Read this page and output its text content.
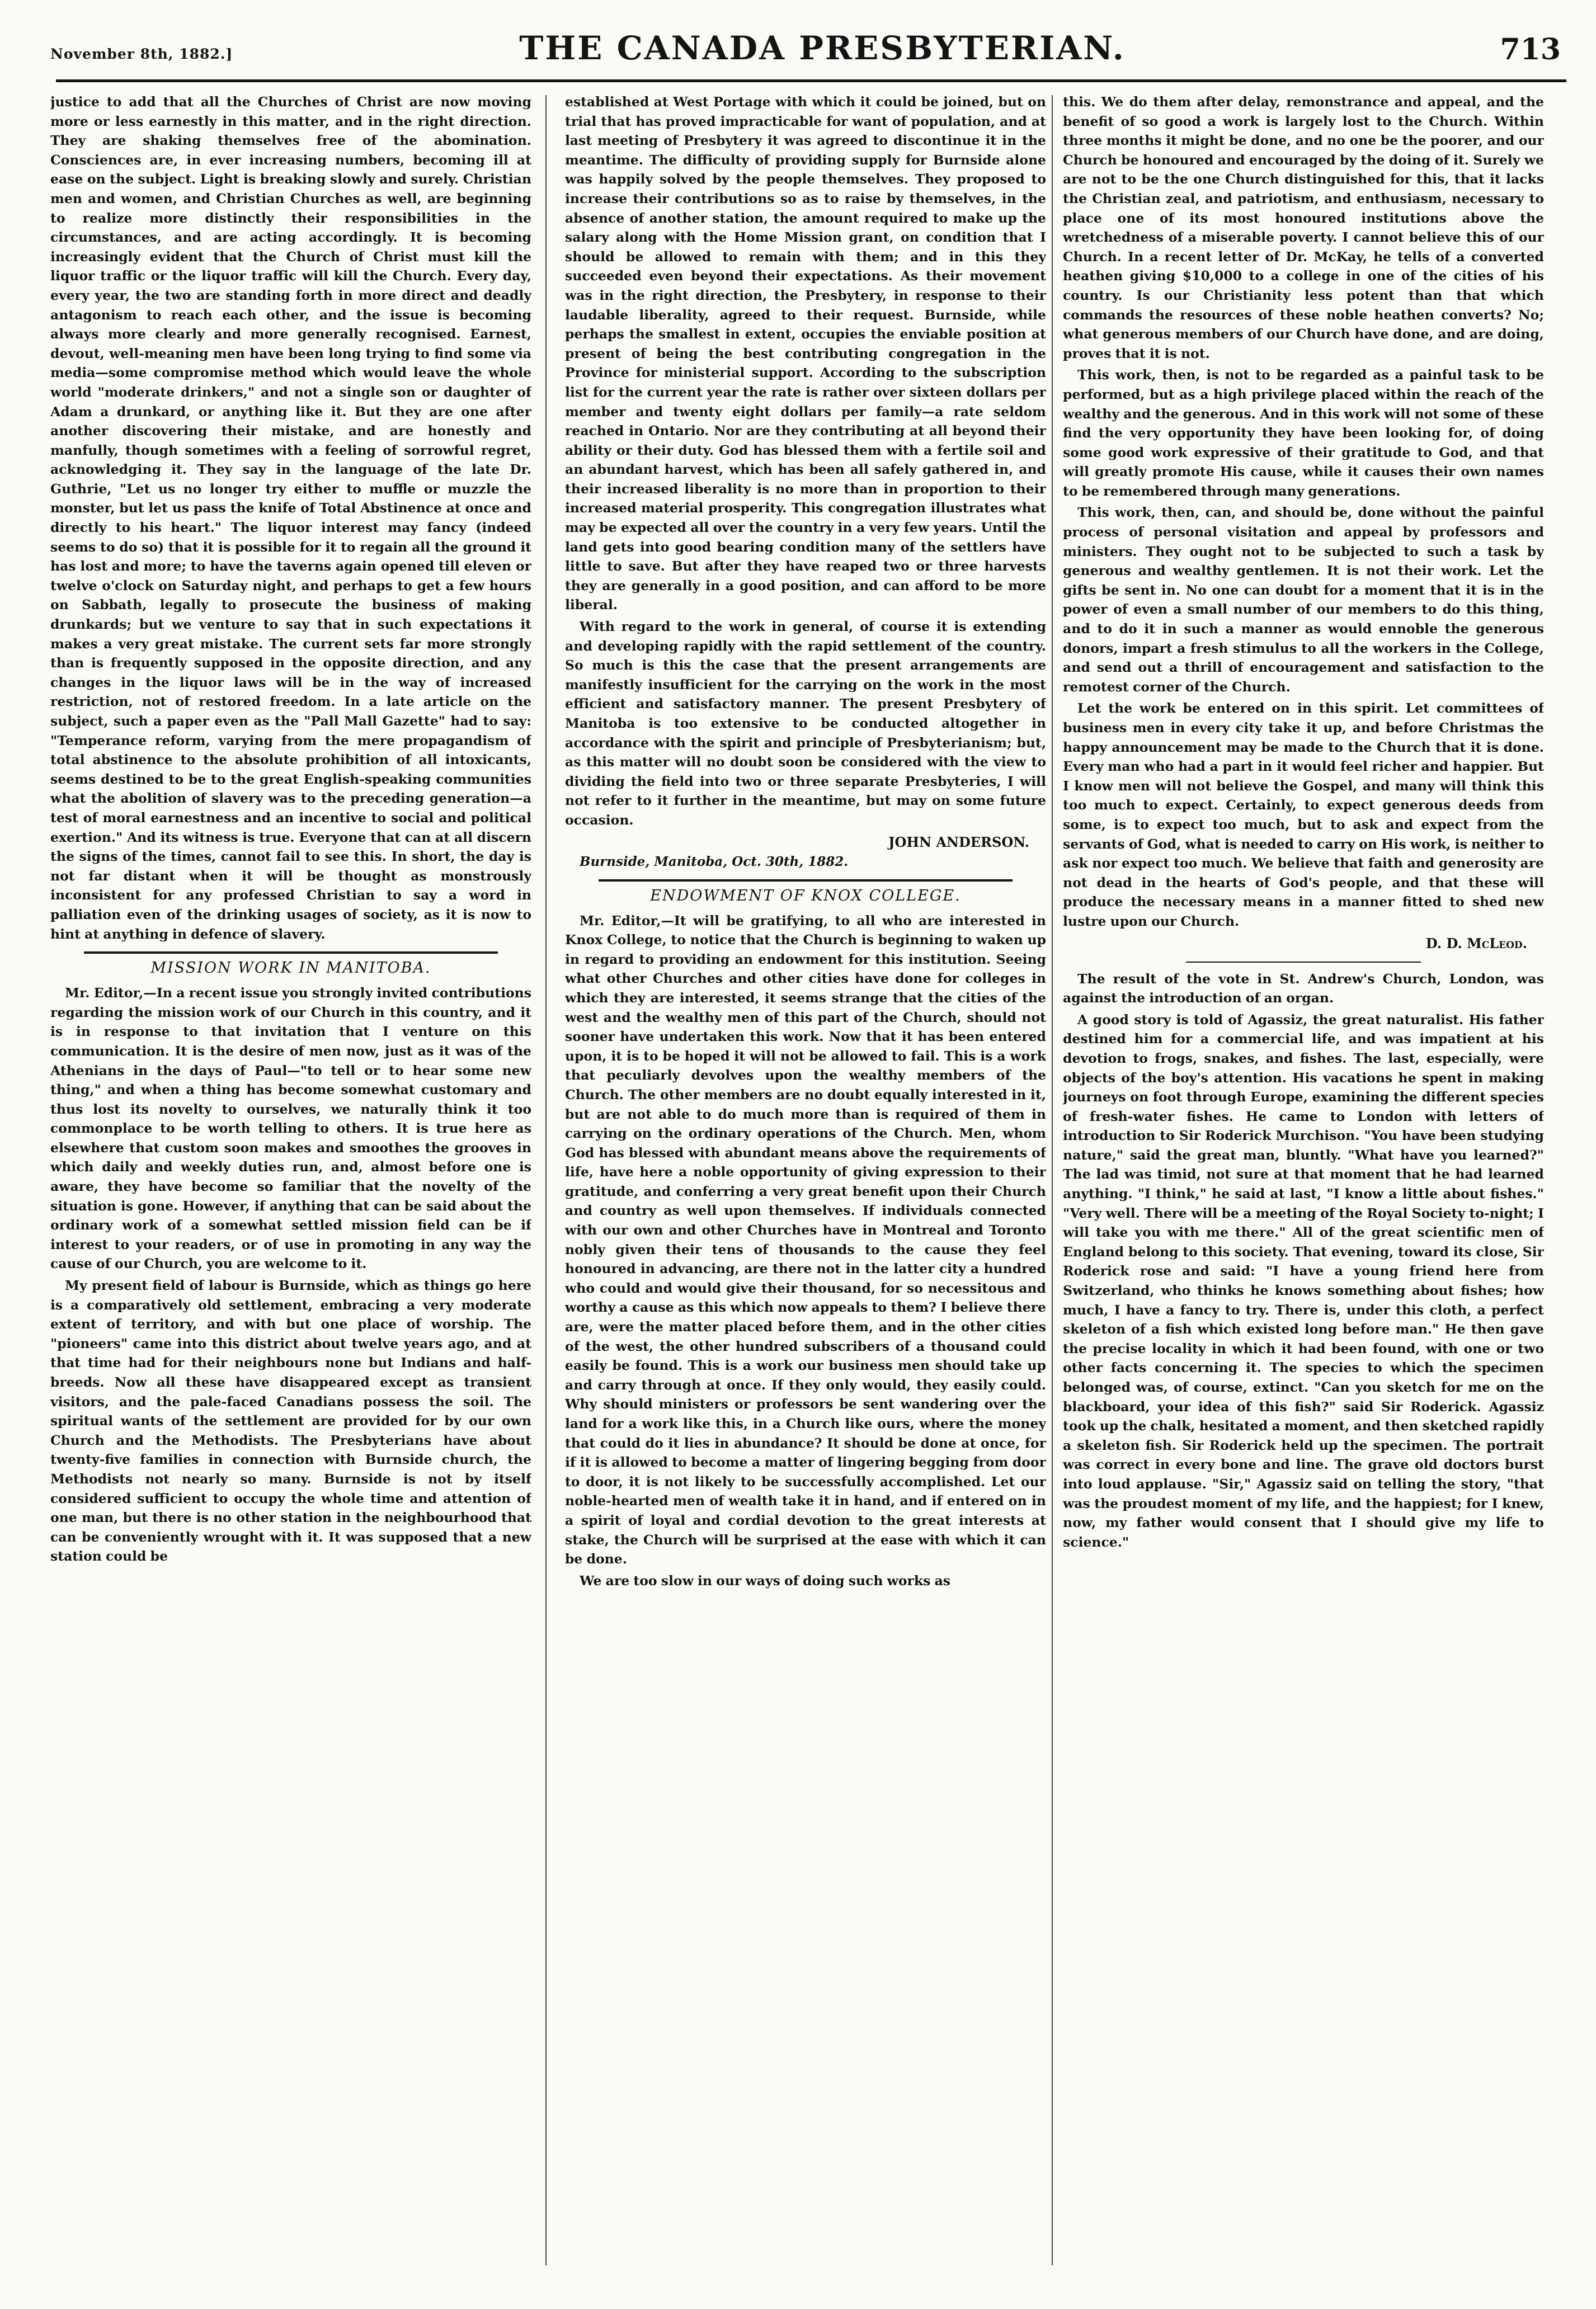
November 8th, 1882.]	THE CANADA PRESBYTERIAN.	713

justice to add that all the Churches of Christ are now moving more or less earnestly in this matter, and in the right direction. They are shaking themselves free of the abomination. Consciences are, in ever increasing numbers, becoming ill at ease on the subject. Light is breaking slowly and surely. Christian men and women, and Christian Churches as well, are beginning to realize more distinctly their responsibilities in the circumstances, and are acting accordingly. It is becoming increasingly evident that the Church of Christ must kill the liquor traffic or the liquor traffic will kill the Church. Every day, every year, the two are standing forth in more direct and deadly antagonism to reach each other, and the issue is becoming always more clearly and more generally recognised. Earnest, devout, well-meaning men have been long trying to find some via media—some compromise method which would leave the whole world "moderate drinkers," and not a single son or daughter of Adam a drunkard, or anything like it. But they are one after another discovering their mistake, and are honestly and manfully, though sometimes with a feeling of sorrowful regret, acknowledging it. They say in the language of the late Dr. Guthrie, "Let us no longer try either to muffle or muzzle the monster, but let us pass the knife of Total Abstinence at once and directly to his heart." The liquor interest may fancy (indeed seems to do so) that it is possible for it to regain all the ground it has lost and more; to have the taverns again opened till eleven or twelve o'clock on Saturday night, and perhaps to get a few hours on Sabbath, legally to prosecute the business of making drunkards; but we venture to say that in such expectations it makes a very great mistake. The current sets far more strongly than is frequently supposed in the opposite direction, and any changes in the liquor laws will be in the way of increased restriction, not of restored freedom. In a late article on the subject, such a paper even as the "Pall Mall Gazette" had to say: "Temperance reform, varying from the mere propagandism of total abstinence to the absolute prohibition of all intoxicants, seems destined to be to the great English-speaking communities what the abolition of slavery was to the preceding generation—a test of moral earnestness and an incentive to social and political exertion." And its witness is true. Everyone that can at all discern the signs of the times, cannot fail to see this. In short, the day is not far distant when it will be thought as monstrously inconsistent for any professed Christian to say a word in palliation even of the drinking usages of society, as it is now to hint at anything in defence of slavery.

MISSION WORK IN MANITOBA.

Mr. Editor,—In a recent issue you strongly invited contributions regarding the mission work of our Church in this country, and it is in response to that invitation that I venture on this communication. It is the desire of men now, just as it was of the Athenians in the days of Paul—"to tell or to hear some new thing," and when a thing has become somewhat customary and thus lost its novelty to ourselves, we naturally think it too commonplace to be worth telling to others. It is true here as elsewhere that custom soon makes and smoothes the grooves in which daily and weekly duties run, and, almost before one is aware, they have become so familiar that the novelty of the situation is gone. However, if anything that can be said about the ordinary work of a somewhat settled mission field can be if interest to your readers, or of use in promoting in any way the cause of our Church, you are welcome to it.

My present field of labour is Burnside, which as things go here is a comparatively old settlement, embracing a very moderate extent of territory, and with but one place of worship. The "pioneers" came into this district about twelve years ago, and at that time had for their neighbours none but Indians and half-breeds. Now all these have disappeared except as transient visitors, and the pale-faced Canadians possess the soil. The spiritual wants of the settlement are provided for by our own Church and the Methodists. The Presbyterians have about twenty-five families in connection with Burnside church, the Methodists not nearly so many. Burnside is not by itself considered sufficient to occupy the whole time and attention of one man, but there is no other station in the neighbourhood that can be conveniently wrought with it. It was supposed that a new station could be

established at West Portage with which it could be joined, but on trial that has proved impracticable for want of population, and at last meeting of Presbytery it was agreed to discontinue it in the meantime. The difficulty of providing supply for Burnside alone was happily solved by the people themselves. They proposed to increase their contributions so as to raise by themselves, in the absence of another station, the amount required to make up the salary along with the Home Mission grant, on condition that I should be allowed to remain with them; and in this they succeeded even beyond their expectations. As their movement was in the right direction, the Presbytery, in response to their laudable liberality, agreed to their request. Burnside, while perhaps the smallest in extent, occupies the enviable position at present of being the best contributing congregation in the Province for ministerial support. According to the subscription list for the current year the rate is rather over sixteen dollars per member and twenty eight dollars per family—a rate seldom reached in Ontario. Nor are they contributing at all beyond their ability or their duty. God has blessed them with a fertile soil and an abundant harvest, which has been all safely gathered in, and their increased liberality is no more than in proportion to their increased material prosperity. This congregation illustrates what may be expected all over the country in a very few years. Until the land gets into good bearing condition many of the settlers have little to save. But after they have reaped two or three harvests they are generally in a good position, and can afford to be more liberal.

With regard to the work in general, of course it is extending and developing rapidly with the rapid settlement of the country. So much is this the case that the present arrangements are manifestly insufficient for the carrying on the work in the most efficient and satisfactory manner. The present Presbytery of Manitoba is too extensive to be conducted altogether in accordance with the spirit and principle of Presbyterianism; but, as this matter will no doubt soon be considered with the view to dividing the field into two or three separate Presbyteries, I will not refer to it further in the meantime, but may on some future occasion.

JOHN ANDERSON.
Burnside, Manitoba, Oct. 30th, 1882.
ENDOWMENT OF KNOX COLLEGE.

Mr. Editor,—It will be gratifying, to all who are interested in Knox College, to notice that the Church is beginning to waken up in regard to providing an endowment for this institution. Seeing what other Churches and other cities have done for colleges in which they are interested, it seems strange that the cities of the west and the wealthy men of this part of the Church, should not sooner have undertaken this work. Now that it has been entered upon, it is to be hoped it will not be allowed to fail. This is a work that peculiarly devolves upon the wealthy members of the Church. The other members are no doubt equally interested in it, but are not able to do much more than is required of them in carrying on the ordinary operations of the Church. Men, whom God has blessed with abundant means above the requirements of life, have here a noble opportunity of giving expression to their gratitude, and conferring a very great benefit upon their Church and country as well upon themselves. If individuals connected with our own and other Churches have in Montreal and Toronto nobly given their tens of thousands to the cause they feel honoured in advancing, are there not in the latter city a hundred who could and would give their thousand, for so necessitous and worthy a cause as this which now appeals to them? I believe there are, were the matter placed before them, and in the other cities of the west, the other hundred subscribers of a thousand could easily be found. This is a work our business men should take up and carry through at once. If they only would, they easily could. Why should ministers or professors be sent wandering over the land for a work like this, in a Church like ours, where the money that could do it lies in abundance? It should be done at once, for if it is allowed to become a matter of lingering begging from door to door, it is not likely to be successfully accomplished. Let our noble-hearted men of wealth take it in hand, and if entered on in a spirit of loyal and cordial devotion to the great interests at stake, the Church will be surprised at the ease with which it can be done.

We are too slow in our ways of doing such works as

this. We do them after delay, remonstrance and appeal, and the benefit of so good a work is largely lost to the Church. Within three months it might be done, and no one be the poorer, and our Church be honoured and encouraged by the doing of it. Surely we are not to be the one Church distinguished for this, that it lacks the Christian zeal, and patriotism, and enthusiasm, necessary to place one of its most honoured institutions above the wretchedness of a miserable poverty. I cannot believe this of our Church. In a recent letter of Dr. McKay, he tells of a converted heathen giving $10,000 to a college in one of the cities of his country. Is our Christianity less potent than that which commands the resources of these noble heathen converts? No; what generous members of our Church have done, and are doing, proves that it is not.

This work, then, is not to be regarded as a painful task to be performed, but as a high privilege placed within the reach of the wealthy and the generous. And in this work will not some of these find the very opportunity they have been looking for, of doing some good work expressive of their gratitude to God, and that will greatly promote His cause, while it causes their own names to be remembered through many generations.

This work, then, can, and should be, done without the painful process of personal visitation and appeal by professors and ministers. They ought not to be subjected to such a task by generous and wealthy gentlemen. It is not their work. Let the gifts be sent in. No one can doubt for a moment that it is in the power of even a small number of our members to do this thing, and to do it in such a manner as would ennoble the generous donors, impart a fresh stimulus to all the workers in the College, and send out a thrill of encouragement and satisfaction to the remotest corner of the Church.

Let the work be entered on in this spirit. Let committees of business men in every city take it up, and before Christmas the happy announcement may be made to the Church that it is done. Every man who had a part in it would feel richer and happier. But I know men will not believe the Gospel, and many will think this too much to expect. Certainly, to expect generous deeds from some, is to expect too much, but to ask and expect from the servants of God, what is needed to carry on His work, is neither to ask nor expect too much. We believe that faith and generosity are not dead in the hearts of God's people, and that these will produce the necessary means in a manner fitted to shed new lustre upon our Church.

D. D. McLeod.

The result of the vote in St. Andrew's Church, London, was against the introduction of an organ.

A good story is told of Agassiz, the great naturalist. His father destined him for a commercial life, and was impatient at his devotion to frogs, snakes, and fishes. The last, especially, were objects of the boy's attention. His vacations he spent in making journeys on foot through Europe, examining the different species of fresh-water fishes. He came to London with letters of introduction to Sir Roderick Murchison. "You have been studying nature," said the great man, bluntly. "What have you learned?" The lad was timid, not sure at that moment that he had learned anything. "I think," he said at last, "I know a little about fishes." "Very well. There will be a meeting of the Royal Society to-night; I will take you with me there." All of the great scientific men of England belong to this society. That evening, toward its close, Sir Roderick rose and said: "I have a young friend here from Switzerland, who thinks he knows something about fishes; how much, I have a fancy to try. There is, under this cloth, a perfect skeleton of a fish which existed long before man." He then gave the precise locality in which it had been found, with one or two other facts concerning it. The species to which the specimen belonged was, of course, extinct. "Can you sketch for me on the blackboard, your idea of this fish?" said Sir Roderick. Agassiz took up the chalk, hesitated a moment, and then sketched rapidly a skeleton fish. Sir Roderick held up the specimen. The portrait was correct in every bone and line. The grave old doctors burst into loud applause. "Sir," Agassiz said on telling the story, "that was the proudest moment of my life, and the happiest; for I knew, now, my father would consent that I should give my life to science."
